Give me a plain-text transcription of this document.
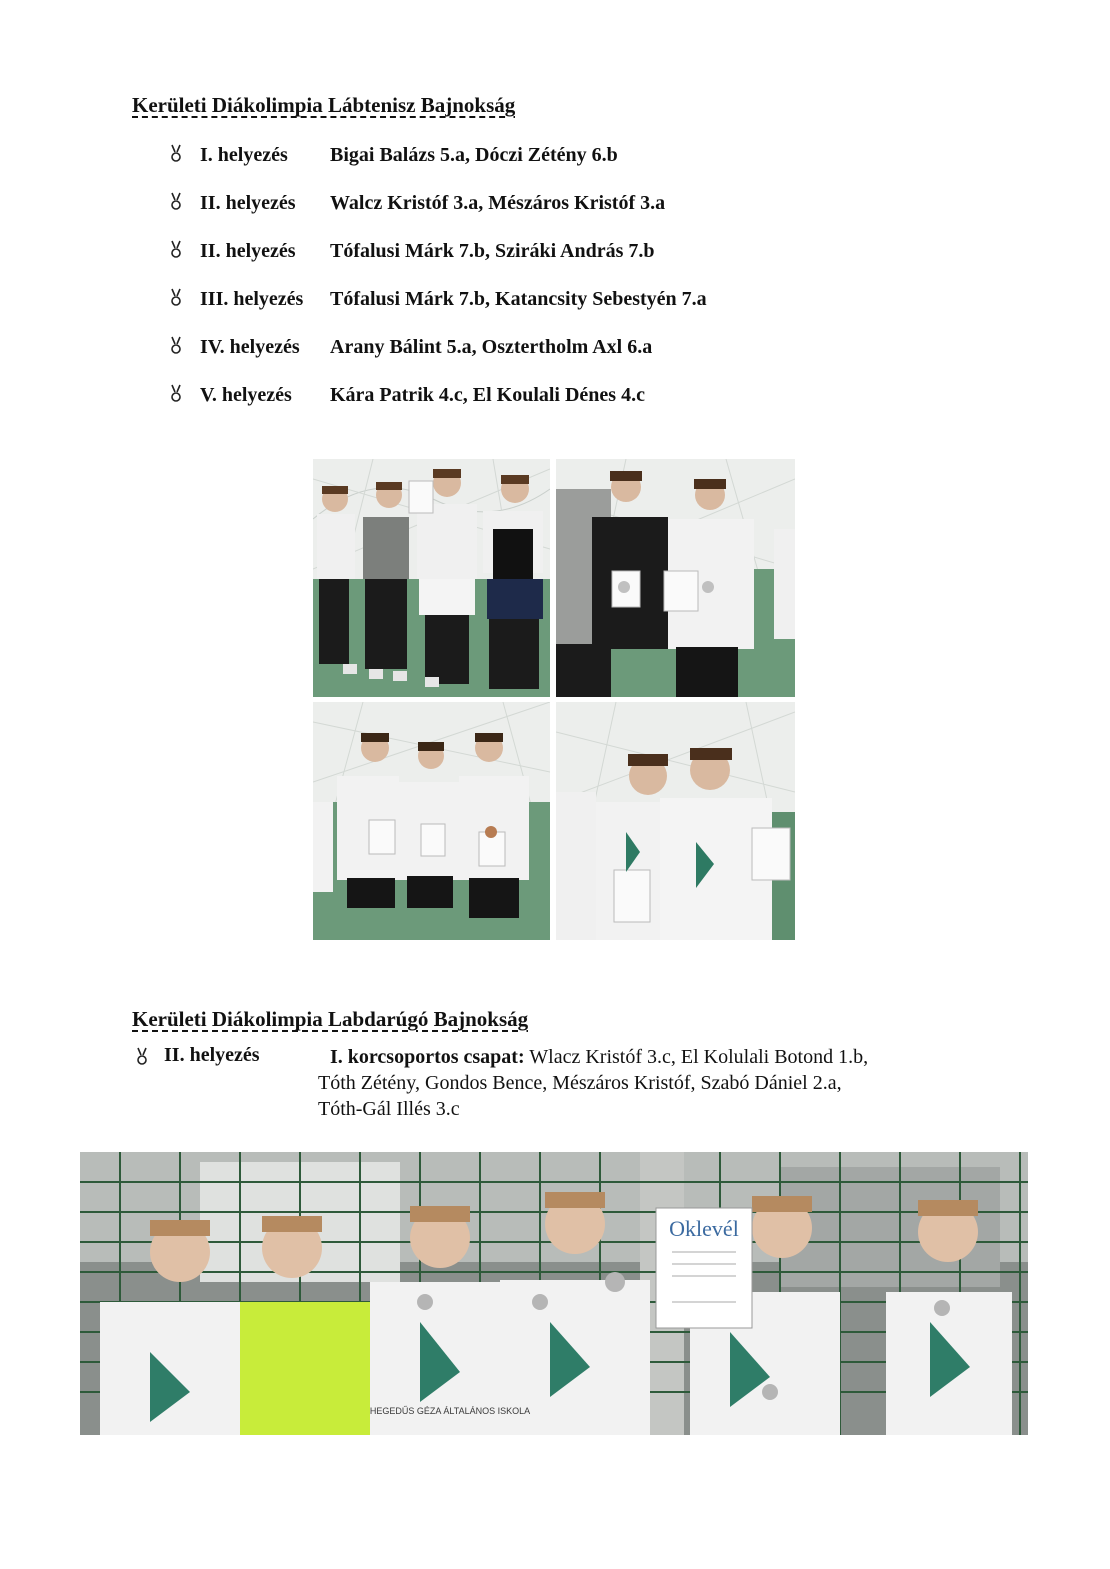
Kerületi Diákolimpia Lábtenisz Bajnokság
I. helyezés Bigai Balázs 5.a, Dóczi Zétény 6.b
II. helyezés Walcz Kristóf 3.a, Mészáros Kristóf 3.a
II. helyezés Tófalusi Márk 7.b, Sziráki András 7.b
III. helyezés Tófalusi Márk 7.b, Katancsity Sebestyén 7.a
IV. helyezés Arany Bálint 5.a, Osztertholm Axl 6.a
V. helyezés Kára Patrik 4.c, El Koulali Dénes 4.c
Kerületi Diákolimpia Labdarúgó Bajnokság
II. helyezés	I. korcsoportos csapat: Wlacz Kristóf 3.c, El Kolulali Botond 1.b,
Tóth Zétény, Gondos Bence, Mészáros Kristóf, Szabó Dániel 2.a,
Tóth-Gál Illés 3.c
Oklevél
HEGEDŰS GÉZA ÁLTALÁNOS ISKOLA
